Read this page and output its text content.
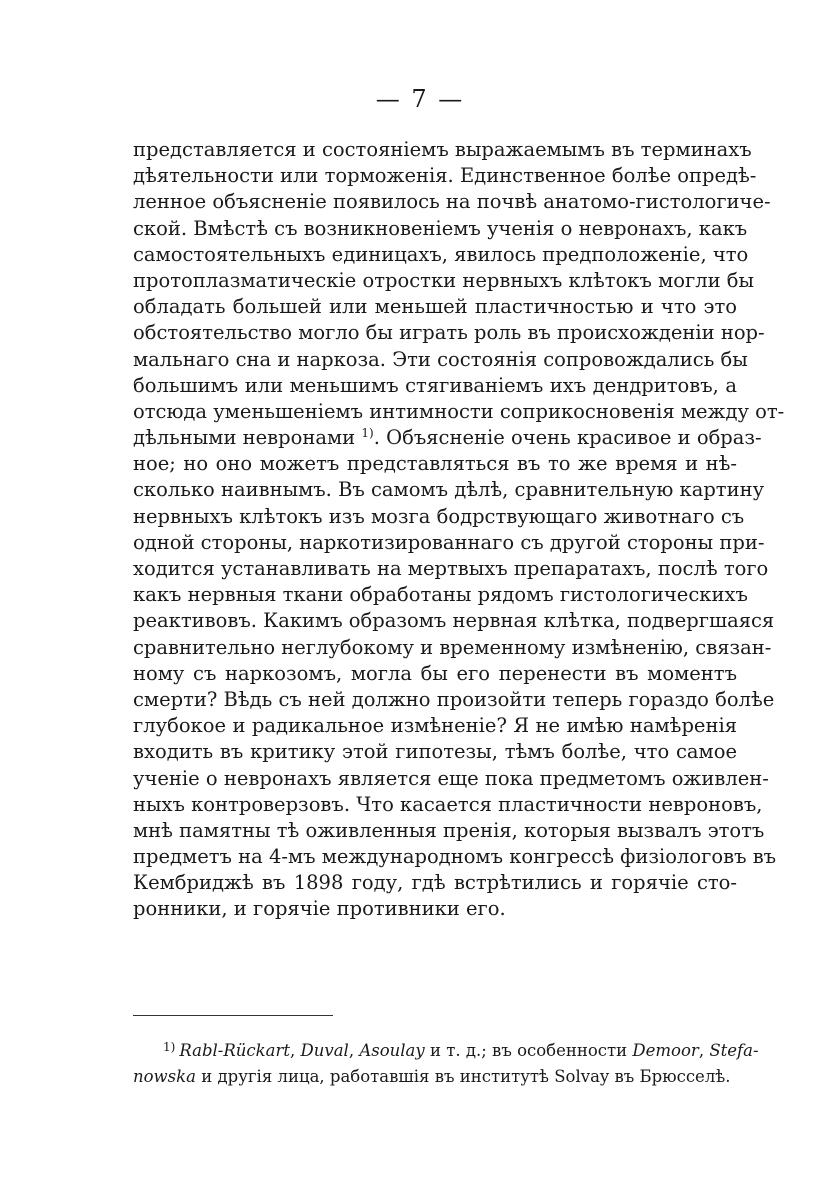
— 7 —
представляется и состоянiемъ выражаемымъ въ терминахъ
дѣятельности или торможенiя. Единственное болѣе опредѣ-
ленное объясненiе появилось на почвѣ анатомо-гистологиче-
ской. Вмѣстѣ съ возникновенiемъ ученiя о невронахъ, какъ
самостоятельныхъ единицахъ, явилось предположенiе, что
протоплазматическiе отростки нервныхъ клѣтокъ могли бы
обладать большей или меньшей пластичностью и что это
обстоятельство могло бы играть роль въ происхожденiи нор-
мальнаго сна и наркоза. Эти состоянiя сопровождались бы
большимъ или меньшимъ стягиванiемъ ихъ дендритовъ, а
отсюда уменьшенiемъ интимности соприкосновенiя между от-
дѣльными невронами $^{1)}$. Объясненiе очень красивое и образ-
ное; но оно можетъ представляться въ то же время и нѣ-
сколько наивнымъ. Въ самомъ дѣлѣ, сравнительную картину
нервныхъ клѣтокъ изъ мозга бодрствующаго животнаго съ
одной стороны, наркотизированнаго съ другой стороны при-
ходится устанавливать на мертвыхъ препаратахъ, послѣ того
какъ нервныя ткани обработаны рядомъ гистологическихъ
реактивовъ. Какимъ образомъ нервная клѣтка, подвергшаяся
сравнительно неглубокому и временному измѣненiю, связан-
ному съ наркозомъ, могла бы его перенести въ моментъ
смерти? Вѣдь съ ней должно произойти теперь гораздо болѣе
глубокое и радикальное измѣненiе? Я не имѣю намѣренiя
входить въ критику этой гипотезы, тѣмъ болѣе, что самое
ученiе о невронахъ является еще пока предметомъ оживлен-
ныхъ контроверзовъ. Что касается пластичности невроновъ,
мнѣ памятны тѣ оживленныя пренiя, которыя вызвалъ этотъ
предметъ на 4-мъ международномъ конгрессѣ физiологовъ въ
Кембриджѣ въ 1898 году, гдѣ встрѣтились и горячiе сто-
ронники, и горячiе противники его.
$^{1)}$ Rabl-Rückart, Duval, Asoulay и т. д.; въ особенности Demoor, Stefa-
nowska и другiя лица, работавшiя въ институтѣ Solvay въ Брюсселѣ.
